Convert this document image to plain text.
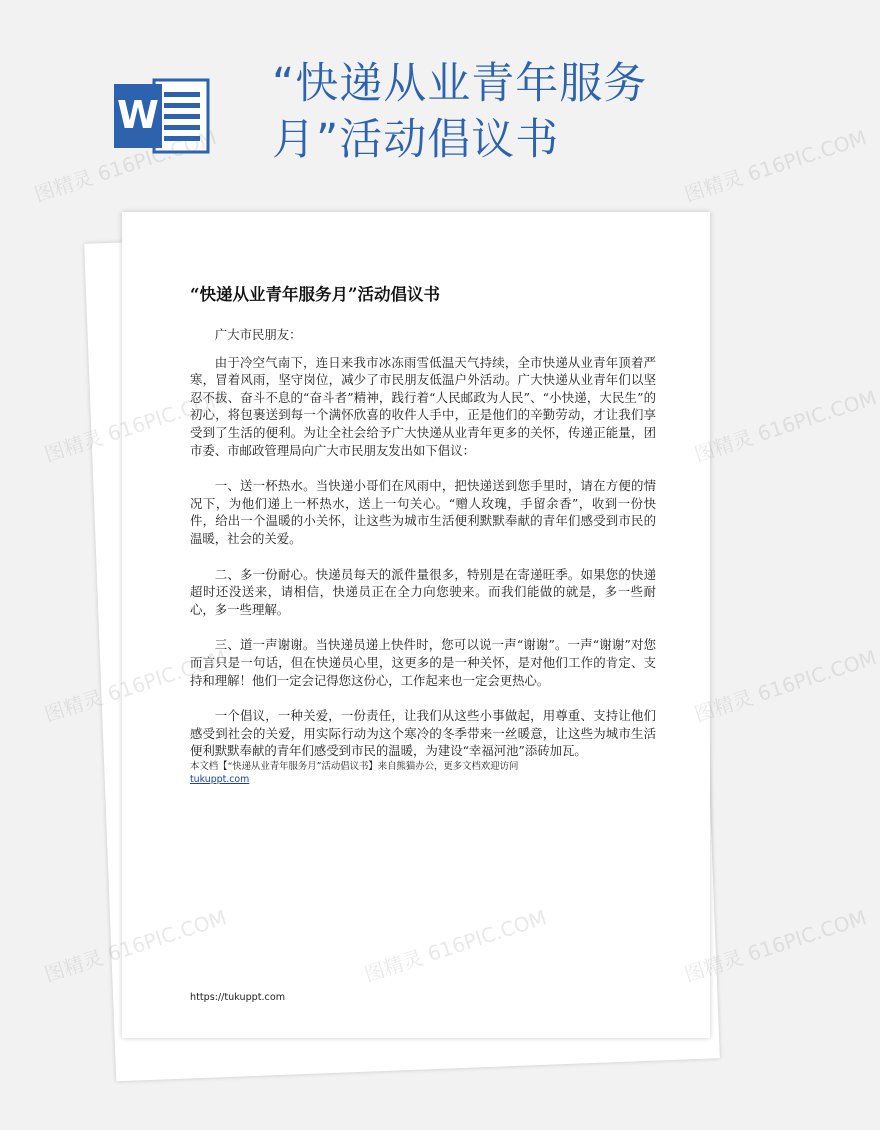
W
“快递从业青年服务月”活动倡议书
“快递从业青年服务月”活动倡议书

广大市民朋友：

由于冷空气南下，连日来我市冰冻雨雪低温天气持续，全市快递从业青年顶着严寒，冒着风雨，坚守岗位，减少了市民朋友低温户外活动。广大快递从业青年们以坚忍不拔、奋斗不息的“奋斗者”精神，践行着“人民邮政为人民”、“小快递，大民生”的初心，将包裹送到每一个满怀欣喜的收件人手中，正是他们的辛勤劳动，才让我们享受到了生活的便利。为让全社会给予广大快递从业青年更多的关怀，传递正能量，团市委、市邮政管理局向广大市民朋友发出如下倡议：

一、送一杯热水。当快递小哥们在风雨中，把快递送到您手里时，请在方便的情况下，为他们递上一杯热水，送上一句关心。“赠人玫瑰，手留余香”，收到一份快件，给出一个温暖的小关怀，让这些为城市生活便利默默奉献的青年们感受到市民的温暖，社会的关爱。

二、多一份耐心。快递员每天的派件量很多，特别是在寄递旺季。如果您的快递超时还没送来，请相信，快递员正在全力向您驶来。而我们能做的就是，多一些耐心，多一些理解。

三、道一声谢谢。当快递员递上快件时，您可以说一声“谢谢”。一声“谢谢”对您而言只是一句话，但在快递员心里，这更多的是一种关怀，是对他们工作的肯定、支持和理解！他们一定会记得您这份心，工作起来也一定会更热心。

一个倡议，一种关爱，一份责任，让我们从这些小事做起，用尊重、支持让他们感受到社会的关爱，用实际行动为这个寒冷的冬季带来一丝暖意，让这些为城市生活便利默默奉献的青年们感受到市民的温暖，为建设“幸福河池”添砖加瓦。

本文档【“快递从业青年服务月”活动倡议书】来自熊猫办公，更多文档欢迎访问
tukuppt.com
https://tukuppt.com
图精灵 616PIC.COM	图精灵 616PIC.COM
图精灵	图精灵 616PIC.COM
图精灵	图精灵 616PIC.COM
图精灵	图精灵 616PIC.COM
